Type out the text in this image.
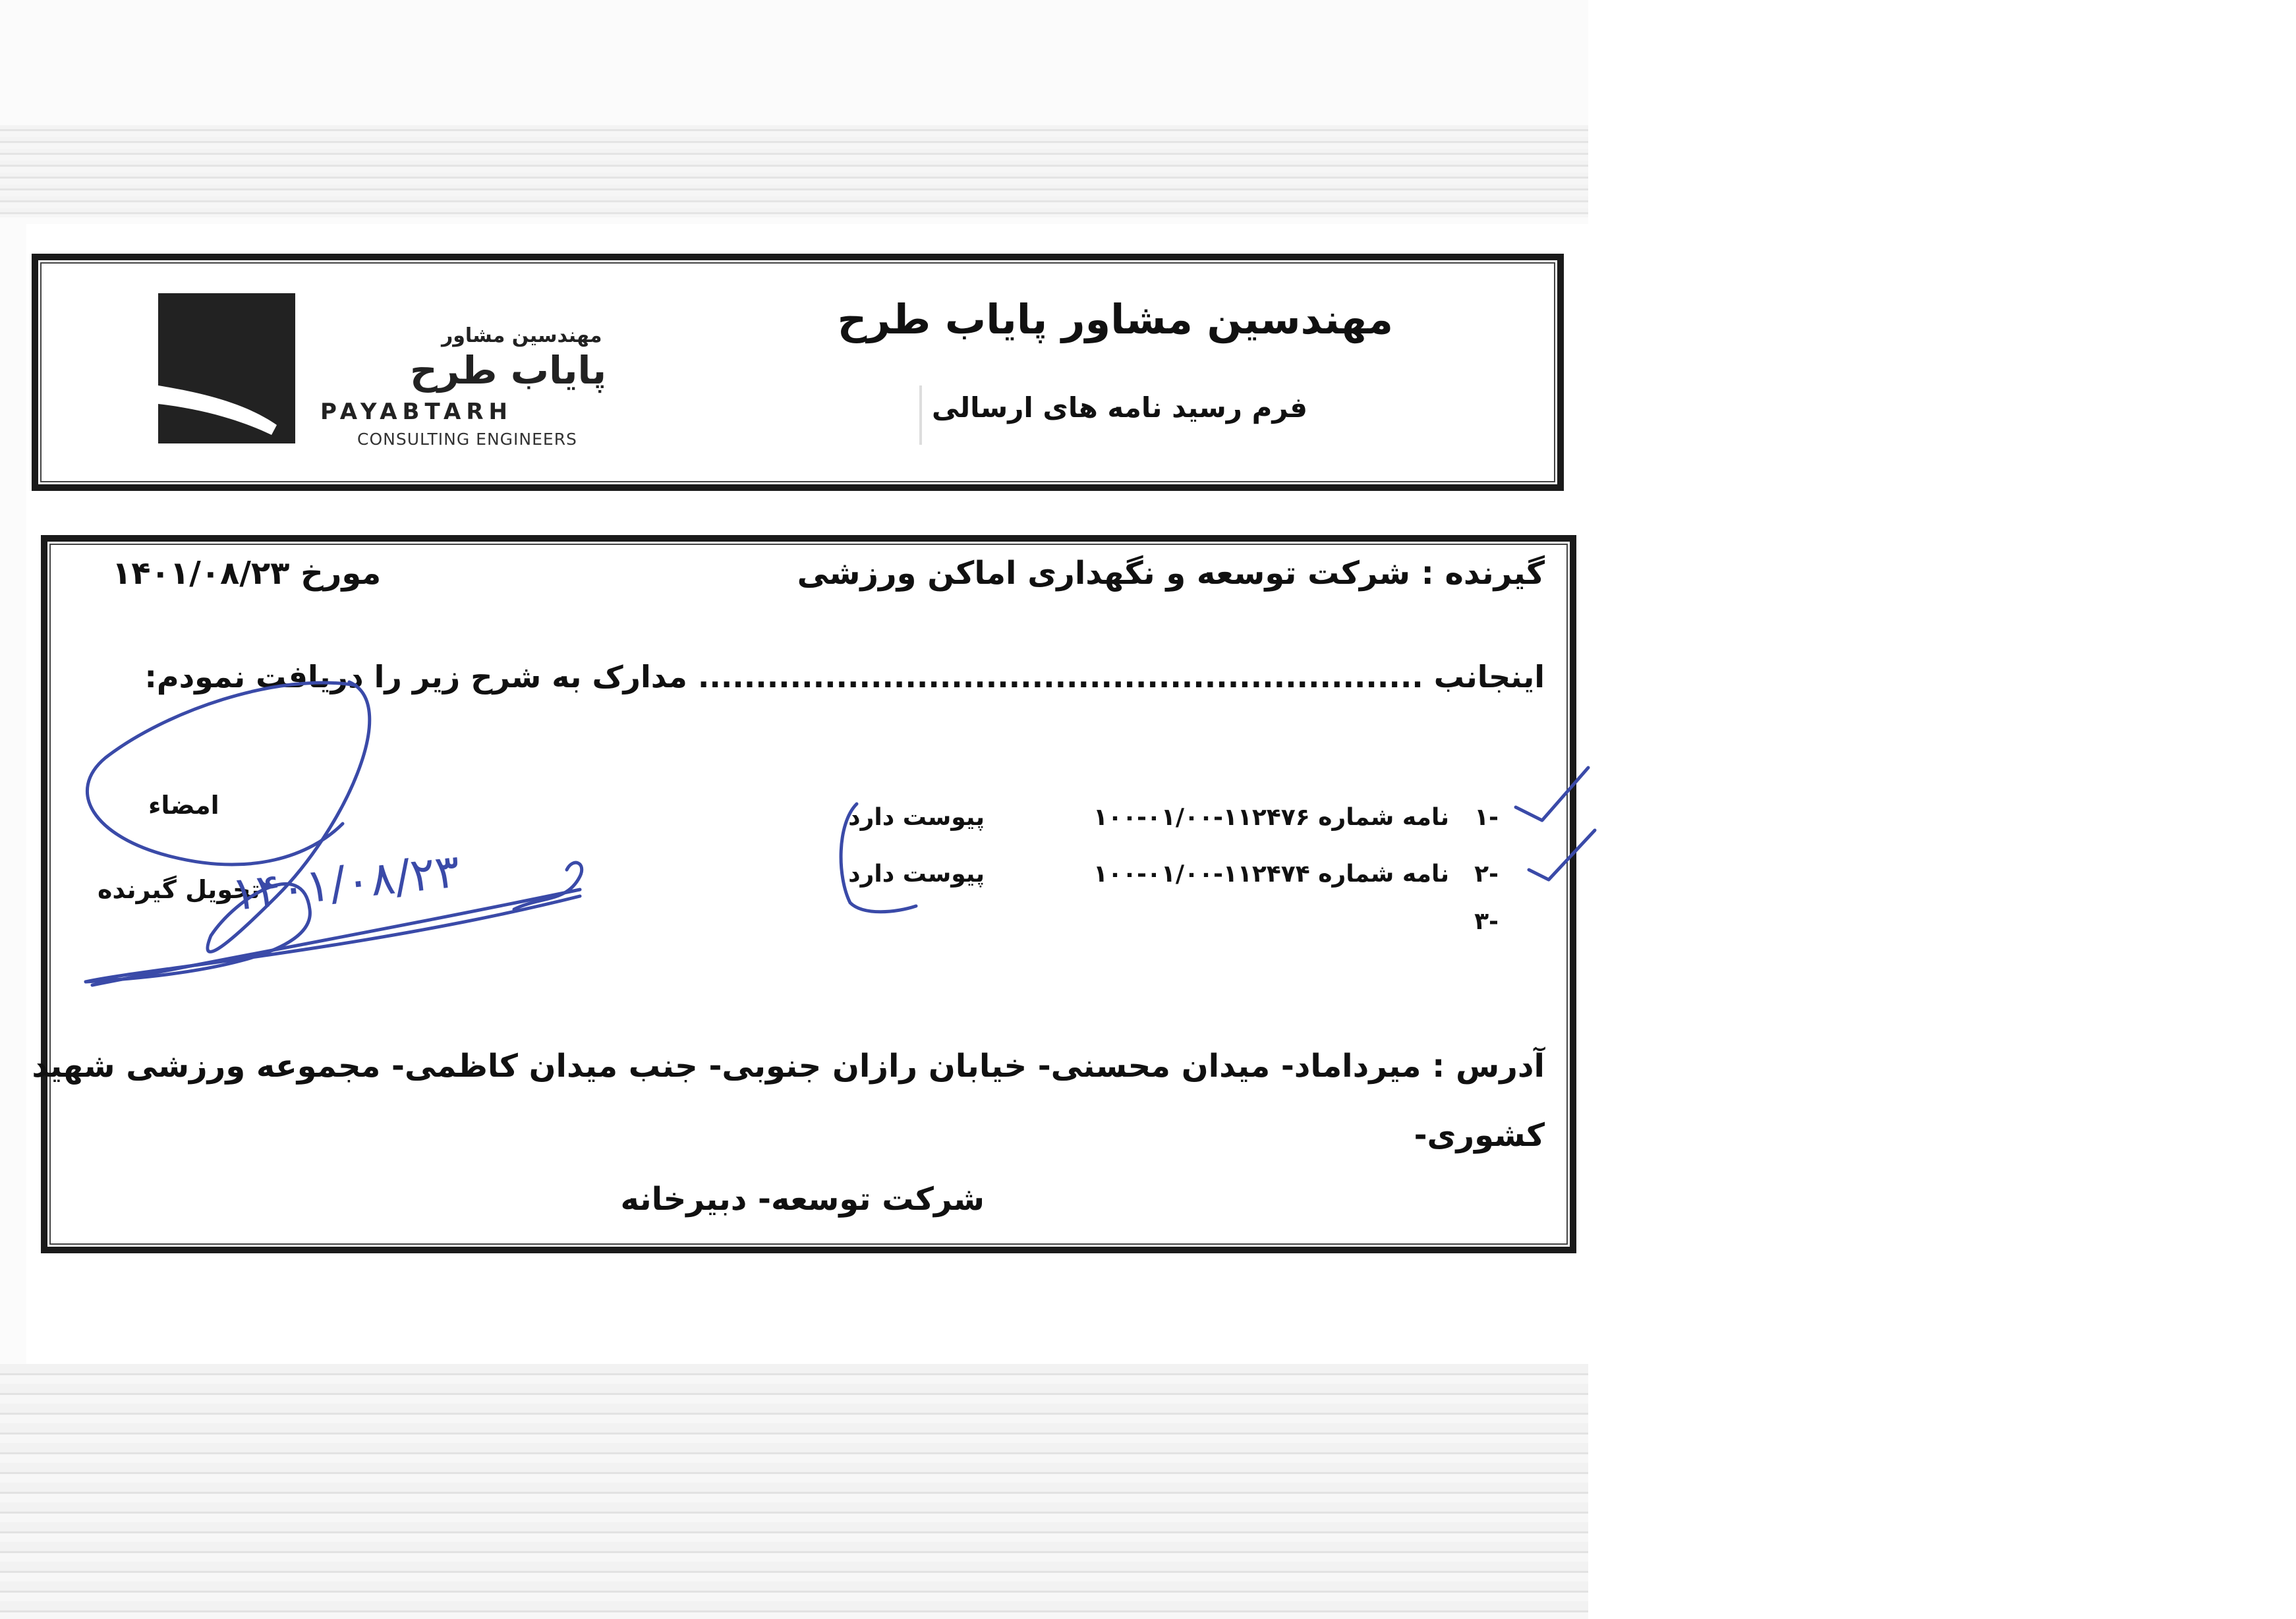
مهندسین مشاور
پایاب طرح
PAYABTARH
CONSULTING ENGINEERS
مهندسین مشاور پایاب طرح
فرم رسید نامه های ارسالی
گیرنده : شرکت توسعه و نگهداری اماکن ورزشی
مورخ ۱۴۰۱/۰۸/۲۳
اینجانب ............................................................... مدارک به شرح زیر را دریافت نمودم:
۱-
نامه شماره ۱۱۲۴۷۶-۰۱/۰۰-۱۰۰
پیوست دارد
۲-
نامه شماره ۱۱۲۴۷۴-۰۱/۰۰-۱۰۰
پیوست دارد
۳-
امضاء
تحویل گیرنده
آدرس : میرداماد- میدان محسنی- خیابان رازان جنوبی- جنب میدان کاظمی- مجموعه ورزشی شهید
کشوری-
شرکت توسعه- دبیرخانه
۱۴۰۱/۰۸/۲۳
